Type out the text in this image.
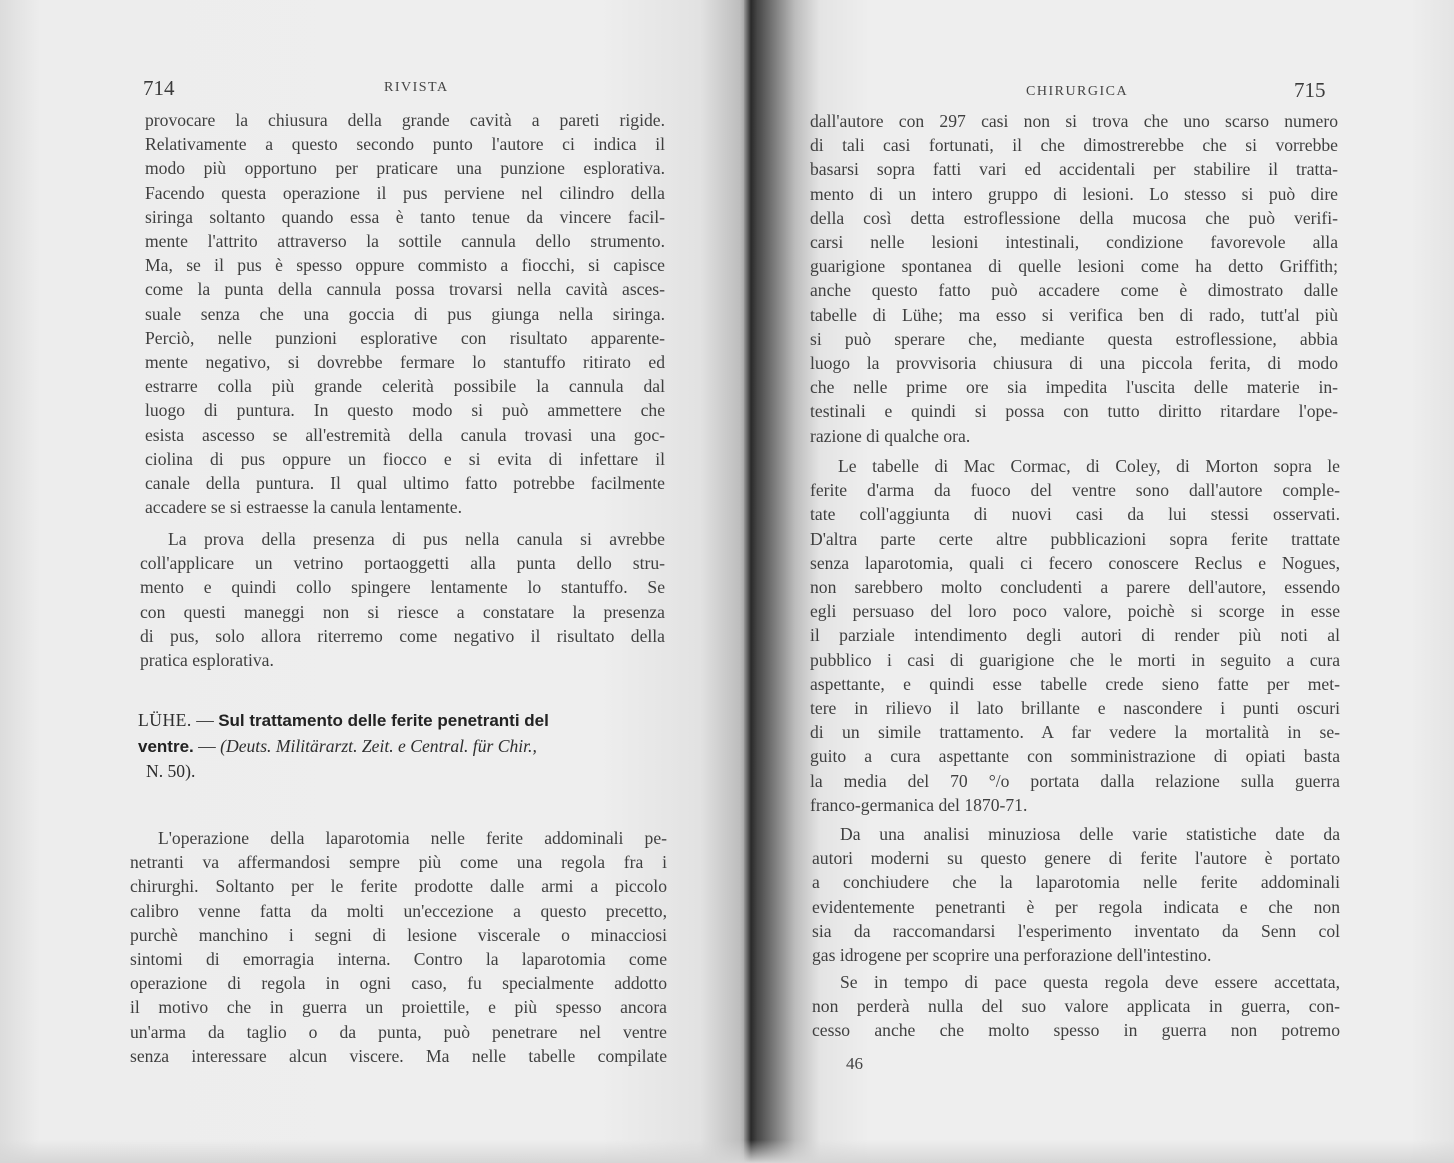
714	RIVISTA
provocare la chiusura della grande cavità a pareti rigide.
Relativamente a questo secondo punto l'autore ci indica il
modo più opportuno per praticare una punzione esplorativa.
Facendo questa operazione il pus perviene nel cilindro della
siringa soltanto quando essa è tanto tenue da vincere facil-
mente l'attrito attraverso la sottile cannula dello strumento.
Ma, se il pus è spesso oppure commisto a fiocchi, si capisce
come la punta della cannula possa trovarsi nella cavità asces-
suale senza che una goccia di pus giunga nella siringa.
Perciò, nelle punzioni esplorative con risultato apparente-
mente negativo, si dovrebbe fermare lo stantuffo ritirato ed
estrarre colla più grande celerità possibile la cannula dal
luogo di puntura. In questo modo si può ammettere che
esista ascesso se all'estremità della canula trovasi una goc-
ciolina di pus oppure un fiocco e si evita di infettare il
canale della puntura. Il qual ultimo fatto potrebbe facilmente
accadere se si estraesse la canula lentamente.
La prova della presenza di pus nella canula si avrebbe
coll'applicare un vetrino portaoggetti alla punta dello stru-
mento e quindi collo spingere lentamente lo stantuffo. Se
con questi maneggi non si riesce a constatare la presenza
di pus, solo allora riterremo come negativo il risultato della
pratica esplorativa.
LÜHE. — Sul trattamento delle ferite penetranti del
ventre. — (Deuts. Militärarzt. Zeit. e Central. für Chir.,
N. 50).
L'operazione della laparotomia nelle ferite addominali pe-
netranti va affermandosi sempre più come una regola fra i
chirurghi. Soltanto per le ferite prodotte dalle armi a piccolo
calibro venne fatta da molti un'eccezione a questo precetto,
purchè manchino i segni di lesione viscerale o minacciosi
sintomi di emorragia interna. Contro la laparotomia come
operazione di regola in ogni caso, fu specialmente addotto
il motivo che in guerra un proiettile, e più spesso ancora
un'arma da taglio o da punta, può penetrare nel ventre
senza interessare alcun viscere. Ma nelle tabelle compilate
CHIRURGICA	715
dall'autore con 297 casi non si trova che uno scarso numero
di tali casi fortunati, il che dimostrerebbe che si vorrebbe
basarsi sopra fatti vari ed accidentali per stabilire il tratta-
mento di un intero gruppo di lesioni. Lo stesso si può dire
della così detta estroflessione della mucosa che può verifi-
carsi nelle lesioni intestinali, condizione favorevole alla
guarigione spontanea di quelle lesioni come ha detto Griffith;
anche questo fatto può accadere come è dimostrato dalle
tabelle di Lühe; ma esso si verifica ben di rado, tutt'al più
si può sperare che, mediante questa estroflessione, abbia
luogo la provvisoria chiusura di una piccola ferita, di modo
che nelle prime ore sia impedita l'uscita delle materie in-
testinali e quindi si possa con tutto diritto ritardare l'ope-
razione di qualche ora.
Le tabelle di Mac Cormac, di Coley, di Morton sopra le
ferite d'arma da fuoco del ventre sono dall'autore comple-
tate coll'aggiunta di nuovi casi da lui stessi osservati.
D'altra parte certe altre pubblicazioni sopra ferite trattate
senza laparotomia, quali ci fecero conoscere Reclus e Nogues,
non sarebbero molto concludenti a parere dell'autore, essendo
egli persuaso del loro poco valore, poichè si scorge in esse
il parziale intendimento degli autori di render più noti al
pubblico i casi di guarigione che le morti in seguito a cura
aspettante, e quindi esse tabelle crede sieno fatte per met-
tere in rilievo il lato brillante e nascondere i punti oscuri
di un simile trattamento. A far vedere la mortalità in se-
guito a cura aspettante con somministrazione di opiati basta
la media del 70 °/o portata dalla relazione sulla guerra
franco-germanica del 1870-71.
Da una analisi minuziosa delle varie statistiche date da
autori moderni su questo genere di ferite l'autore è portato
a conchiudere che la laparotomia nelle ferite addominali
evidentemente penetranti è per regola indicata e che non
sia da raccomandarsi l'esperimento inventato da Senn col
gas idrogene per scoprire una perforazione dell'intestino.
Se in tempo di pace questa regola deve essere accettata,
non perderà nulla del suo valore applicata in guerra, con-
cesso anche che molto spesso in guerra non potremo
46
